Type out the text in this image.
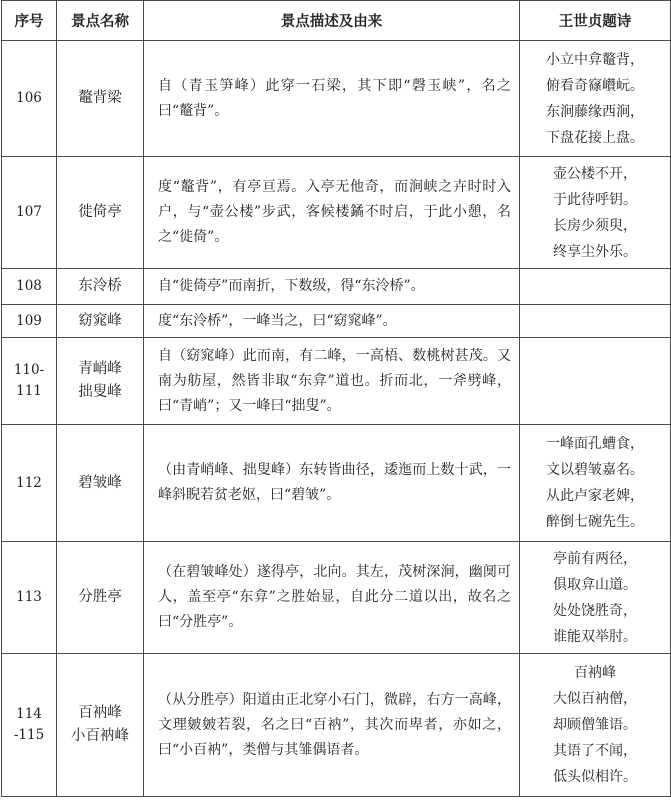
序号	景点名称	景点描述及由来	王世贞题诗
106	鼇背梁	自（青玉笋峰）此穿一石梁，其下即“磬玉峡”，名之曰“鼇背”。	小立中弇鼇背，
俯看奇窱巑岏。
东涧藤缘西涧，
下盘花接上盘。

107	徙倚亭	度“鼇背”，有亭亘焉。入亭无他奇，而涧峡之卉时时入户，与“壶公楼”步武，客候楼鐍不时启，于此小憩，名之“徙倚”。	壶公楼不开，
于此待呼钥。
长房少须臾，
终享尘外乐。

108	东泠桥	自“徙倚亭”而南折，下数级，得“东泠桥”。	
109	窈窕峰	度“东泠桥”，一峰当之，曰“窈窕峰”。	

110-
111	青峭峰
拙叟峰	自（窈窕峰）此而南，有二峰，一高梧、数桃树甚茂。又南为舫屋，然皆非取“东弇”道也。折而北，一斧劈峰，曰“青峭”；又一峰曰“拙叟”。	
112	碧皱峰	（由青峭峰、拙叟峰）东转皆曲径，逶迤而上数十武，一峰斜睨若贫老妪，曰“碧皱”。	一峰面孔螬食，
文以碧皱嘉名。
从此卢家老婢，
醉倒七碗先生。

113	分胜亭	（在碧皱峰处）遂得亭，北向。其左，茂树深涧，幽阒可人，盖至亭“东弇”之胜始显，自此分二道以出，故名之曰“分胜亭”。	亭前有两径，
俱取弇山道。
处处饶胜奇，
谁能双举肘。

114
-115	百衲峰
小百衲峰	（从分胜亭）阳道由正北穿小石门，微辟，右方一高峰，文理皴皴若裂，名之曰“百衲”，其次而卑者，亦如之，曰“小百衲”，类僧与其雏偶语者。	百衲峰
大似百衲僧，
却顾僧雏语。
其语了不闻，
低头似相许。
